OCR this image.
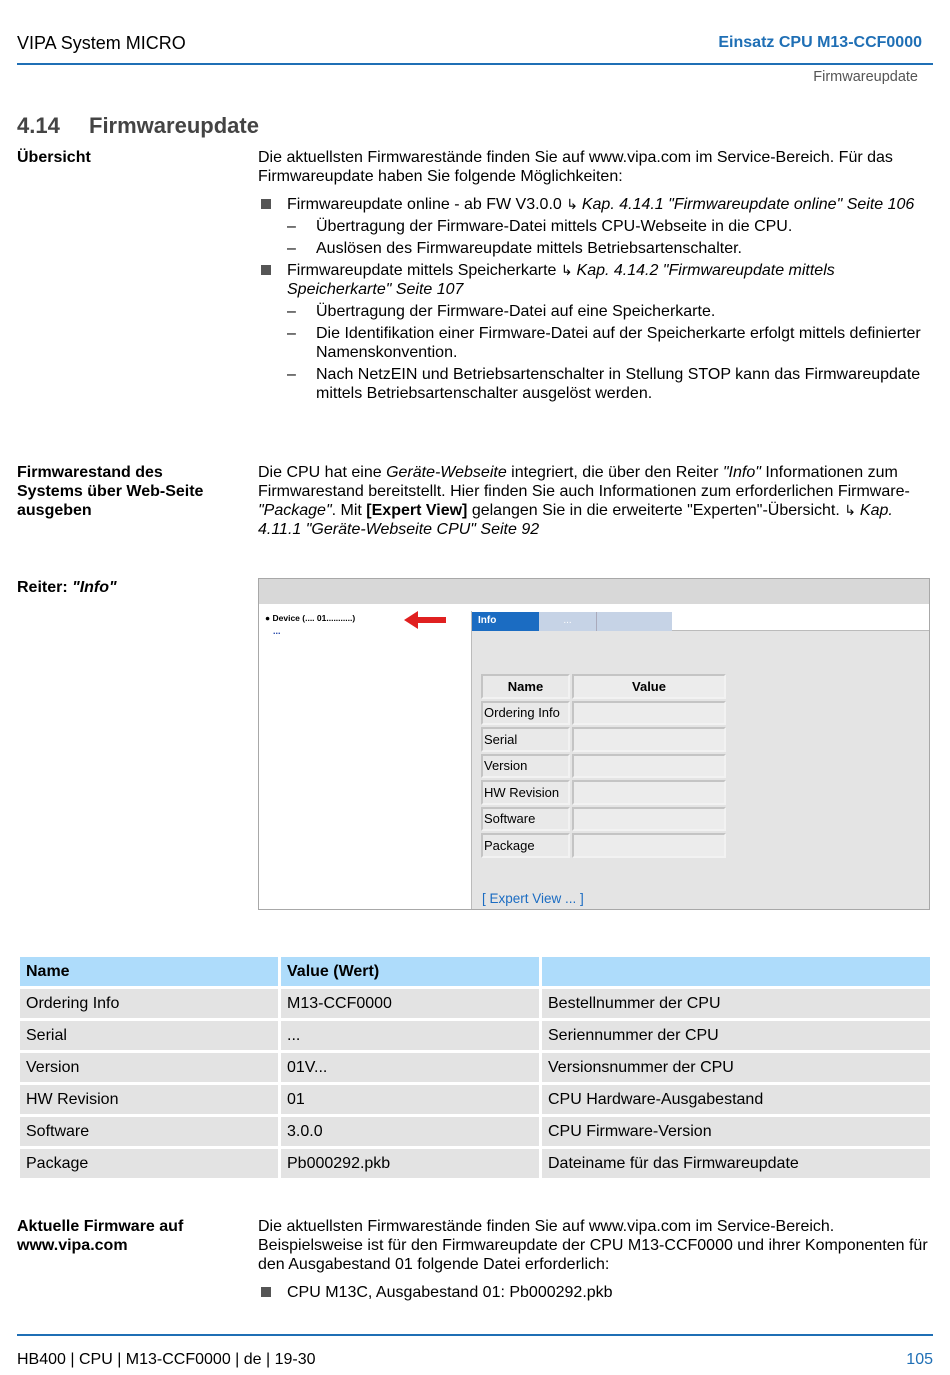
VIPA System MICRO	Einsatz CPU M13-CCF0000
Firmwareupdate
4.14 Firmwareupdate
Übersicht	Die aktuellsten Firmwarestände finden Sie auf www.vipa.com im Service-Bereich. Für das Firmwareupdate haben Sie folgende Möglichkeiten:

Firmwareupdate online - ab FW V3.0.0 ↳ Kap. 4.14.1 "Firmwareupdate online" Seite 106
– Übertragung der Firmware-Datei mittels CPU-Webseite in die CPU.
– Auslösen des Firmwareupdate mittels Betriebsartenschalter.
Firmwareupdate mittels Speicherkarte ↳ Kap. 4.14.2 "Firmwareupdate mittels Speicherkarte" Seite 107
– Übertragung der Firmware-Datei auf eine Speicherkarte.
– Die Identifikation einer Firmware-Datei auf der Speicherkarte erfolgt mittels definierter Namenskonvention.
– Nach NetzEIN und Betriebsartenschalter in Stellung STOP kann das Firmwareupdate mittels Betriebsartenschalter ausgelöst werden.
Firmwarestand des Systems über Web-Seite ausgeben

Die CPU hat eine Geräte-Webseite integriert, die über den Reiter "Info" Informationen zum Firmwarestand bereitstellt. Hier finden Sie auch Informationen zum erforderlichen Firmware-"Package". Mit [Expert View] gelangen Sie in die erweiterte "Experten"-Übersicht. ↳ Kap. 4.11.1 "Geräte-Webseite CPU" Seite 92

Reiter: "Info"
● Device (.... 01...........)
...
Info	...
Name	Value
Ordering Info	
Serial	
Version	
HW Revision	
Software	
Package	
[ Expert View ... ]
Name	Value (Wert)	
Ordering Info	M13-CCF0000	Bestellnummer der CPU
Serial	...	Seriennummer der CPU
Version	01V...	Versionsnummer der CPU
HW Revision	01	CPU Hardware-Ausgabestand
Software	3.0.0	CPU Firmware-Version
Package	Pb000292.pkb	Dateiname für das Firmwareupdate
Aktuelle Firmware auf www.vipa.com

Die aktuellsten Firmwarestände finden Sie auf www.vipa.com im Service-Bereich. Beispielsweise ist für den Firmwareupdate der CPU M13-CCF0000 und ihrer Komponenten für den Ausgabestand 01 folgende Datei erforderlich:

CPU M13C, Ausgabestand 01: Pb000292.pkb
HB400 | CPU | M13-CCF0000 | de | 19-30	105
